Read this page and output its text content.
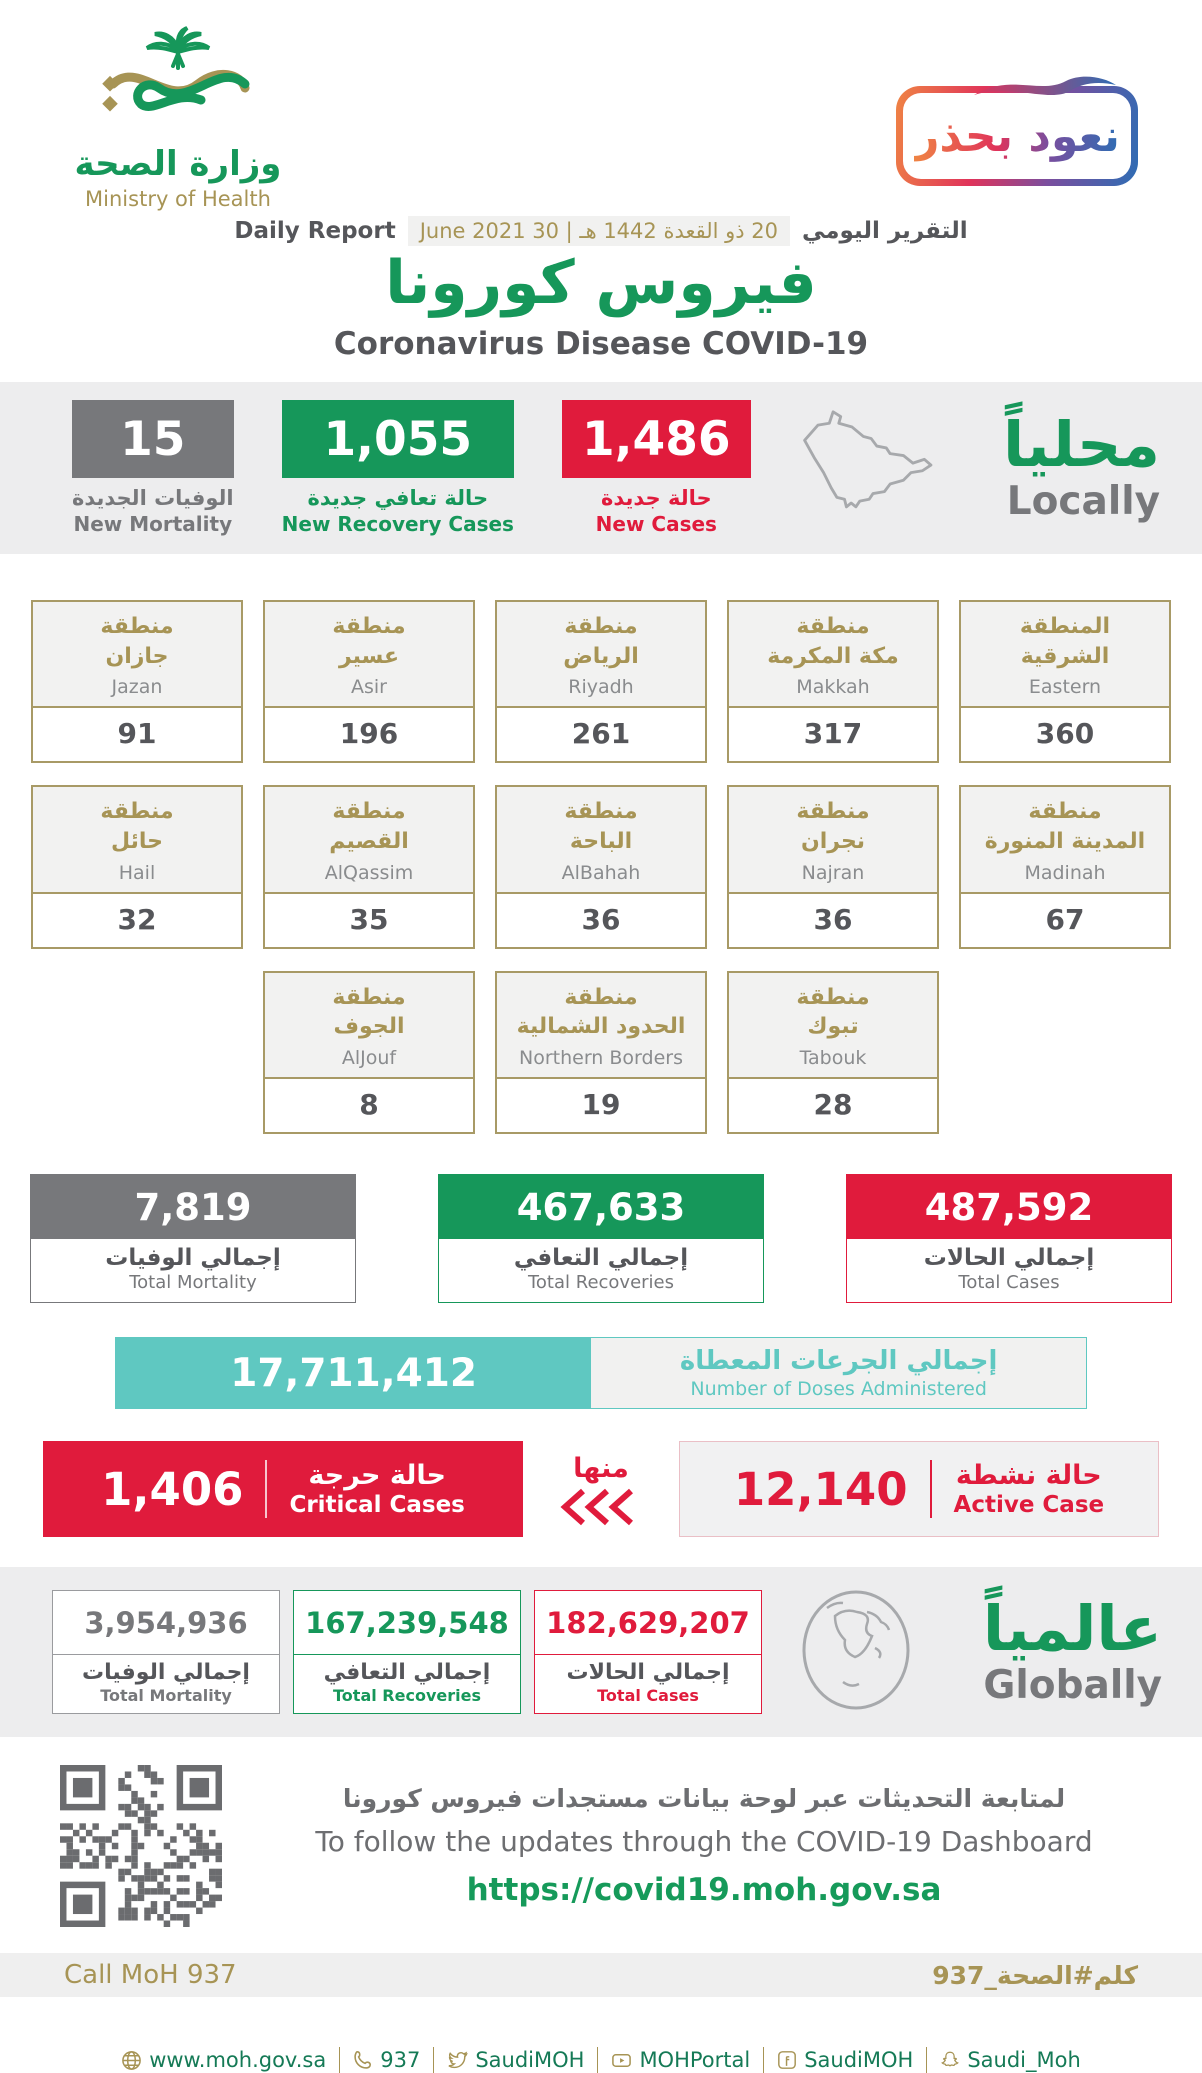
وزارة الصحة
Ministry of Health
نعود بحذر
Daily Report	20 ذو القعدة 1442 هـ | 30 June 2021	التقرير اليومي
فيروس كورونا
Coronavirus Disease COVID-19
15
الوفيات الجديدة
New Mortality
1,055
حالة تعافي جديدة
New Recovery Cases
1,486
حالة جديدة
New Cases
محلياً
Locally
المنطقة
الشرقية
Eastern
360
منطقة
مكة المكرمة
Makkah
317
منطقة
الرياض
Riyadh
261
منطقة
عسير
Asir
196
منطقة
جازان
Jazan
91
منطقة
المدينة المنورة
Madinah
67
منطقة
نجران
Najran
36
منطقة
الباحة
AlBahah
36
منطقة
القصيم
AlQassim
35
منطقة
حائل
Hail
32
منطقة
تبوك
Tabouk
28
منطقة
الحدود الشمالية
Northern Borders
19
منطقة
الجوف
AlJouf
8
7,819
إجمالي الوفيات
Total Mortality
467,633
إجمالي التعافي
Total Recoveries
487,592
إجمالي الحالات
Total Cases
17,711,412	إجمالي الجرعات المعطاة
Number of Doses Administered
1,406	حالة حرجة
Critical Cases
منها	12,140 حالة نشطة
Active Case
3,954,936
إجمالي الوفيات
Total Mortality
167,239,548
إجمالي التعافي
Total Recoveries
182,629,207
إجمالي الحالات
Total Cases
عالمياً
Globally
لمتابعة التحديثات عبر لوحة بيانات مستجدات فيروس كورونا
To follow the updates through the COVID-19 Dashboard
https://covid19.moh.gov.sa
Call MoH 937	كلم#الصحة_937
www.moh.gov.sa	937	SaudiMOH	MOHPortal	SaudiMOH	Saudi_Moh
